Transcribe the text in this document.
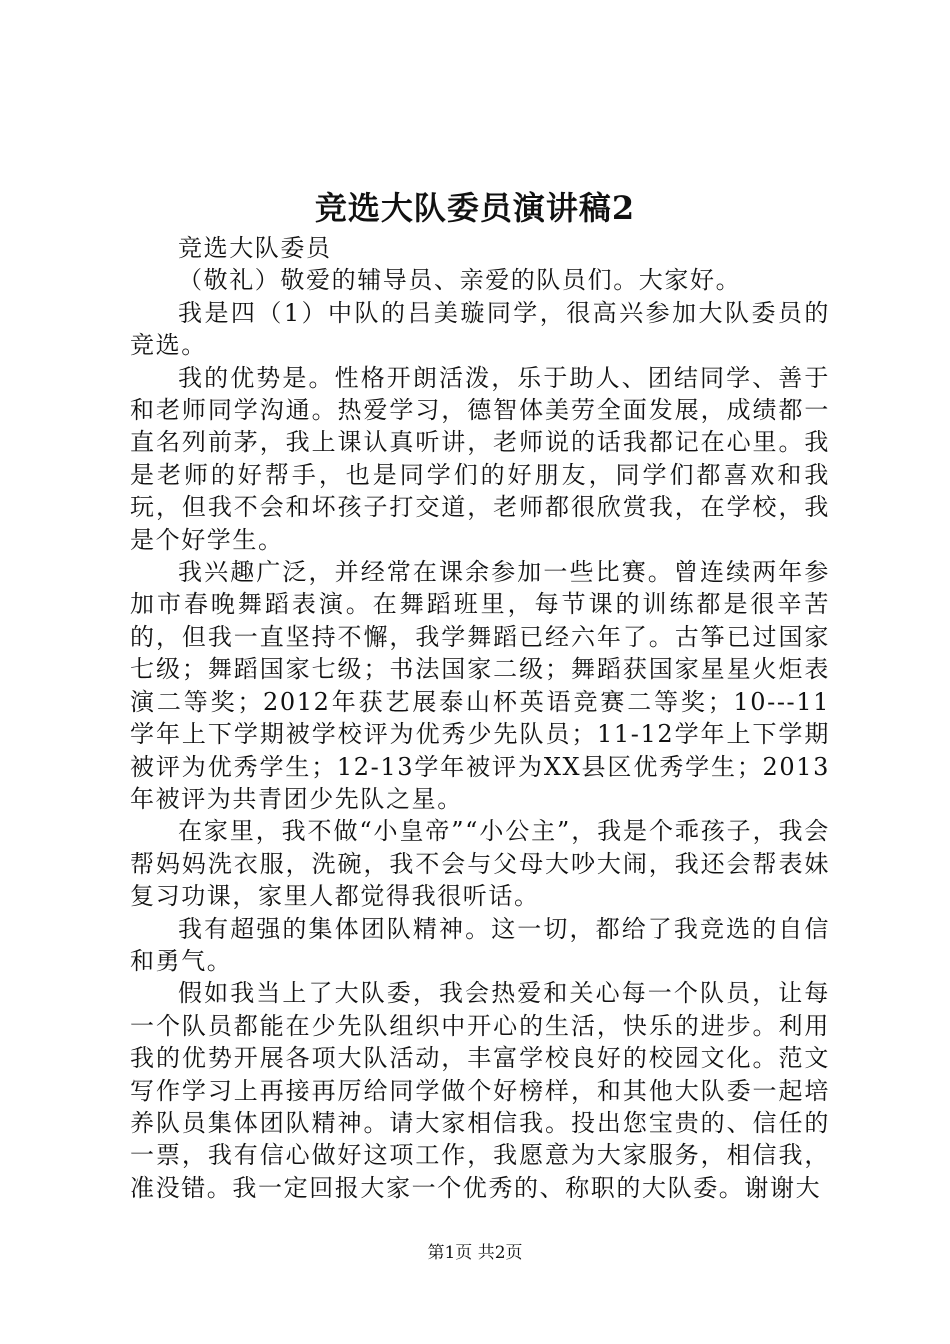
竞选大队委员演讲稿2

竞选大队委员

（敬礼）敬爱的辅导员、亲爱的队员们。大家好。

我是四（1）中队的吕美璇同学，很高兴参加大队委员的竞选。

我的优势是。性格开朗活泼，乐于助人、团结同学、善于和老师同学沟通。热爱学习，德智体美劳全面发展，成绩都一直名列前茅，我上课认真听讲，老师说的话我都记在心里。我是老师的好帮手，也是同学们的好朋友，同学们都喜欢和我玩，但我不会和坏孩子打交道，老师都很欣赏我，在学校，我是个好学生。

我兴趣广泛，并经常在课余参加一些比赛。曾连续两年参加市春晚舞蹈表演。在舞蹈班里，每节课的训练都是很辛苦的，但我一直坚持不懈，我学舞蹈已经六年了。古筝已过国家七级；舞蹈国家七级；书法国家二级；舞蹈获国家星星火炬表演二等奖；2012年获艺展泰山杯英语竞赛二等奖；10---11学年上下学期被学校评为优秀少先队员；11-12学年上下学期被评为优秀学生；12-13学年被评为XX县区优秀学生；2013年被评为共青团少先队之星。

在家里，我不做“小皇帝”“小公主”，我是个乖孩子，我会帮妈妈洗衣服，洗碗，我不会与父母大吵大闹，我还会帮表妹复习功课，家里人都觉得我很听话。

我有超强的集体团队精神。这一切，都给了我竞选的自信和勇气。

假如我当上了大队委，我会热爱和关心每一个队员，让每一个队员都能在少先队组织中开心的生活，快乐的进步。利用我的优势开展各项大队活动，丰富学校良好的校园文化。范文写作学习上再接再厉给同学做个好榜样，和其他大队委一起培养队员集体团队精神。请大家相信我。投出您宝贵的、信任的一票，我有信心做好这项工作，我愿意为大家服务，相信我，准没错。我一定回报大家一个优秀的、称职的大队委。谢谢大

第1页 共2页
